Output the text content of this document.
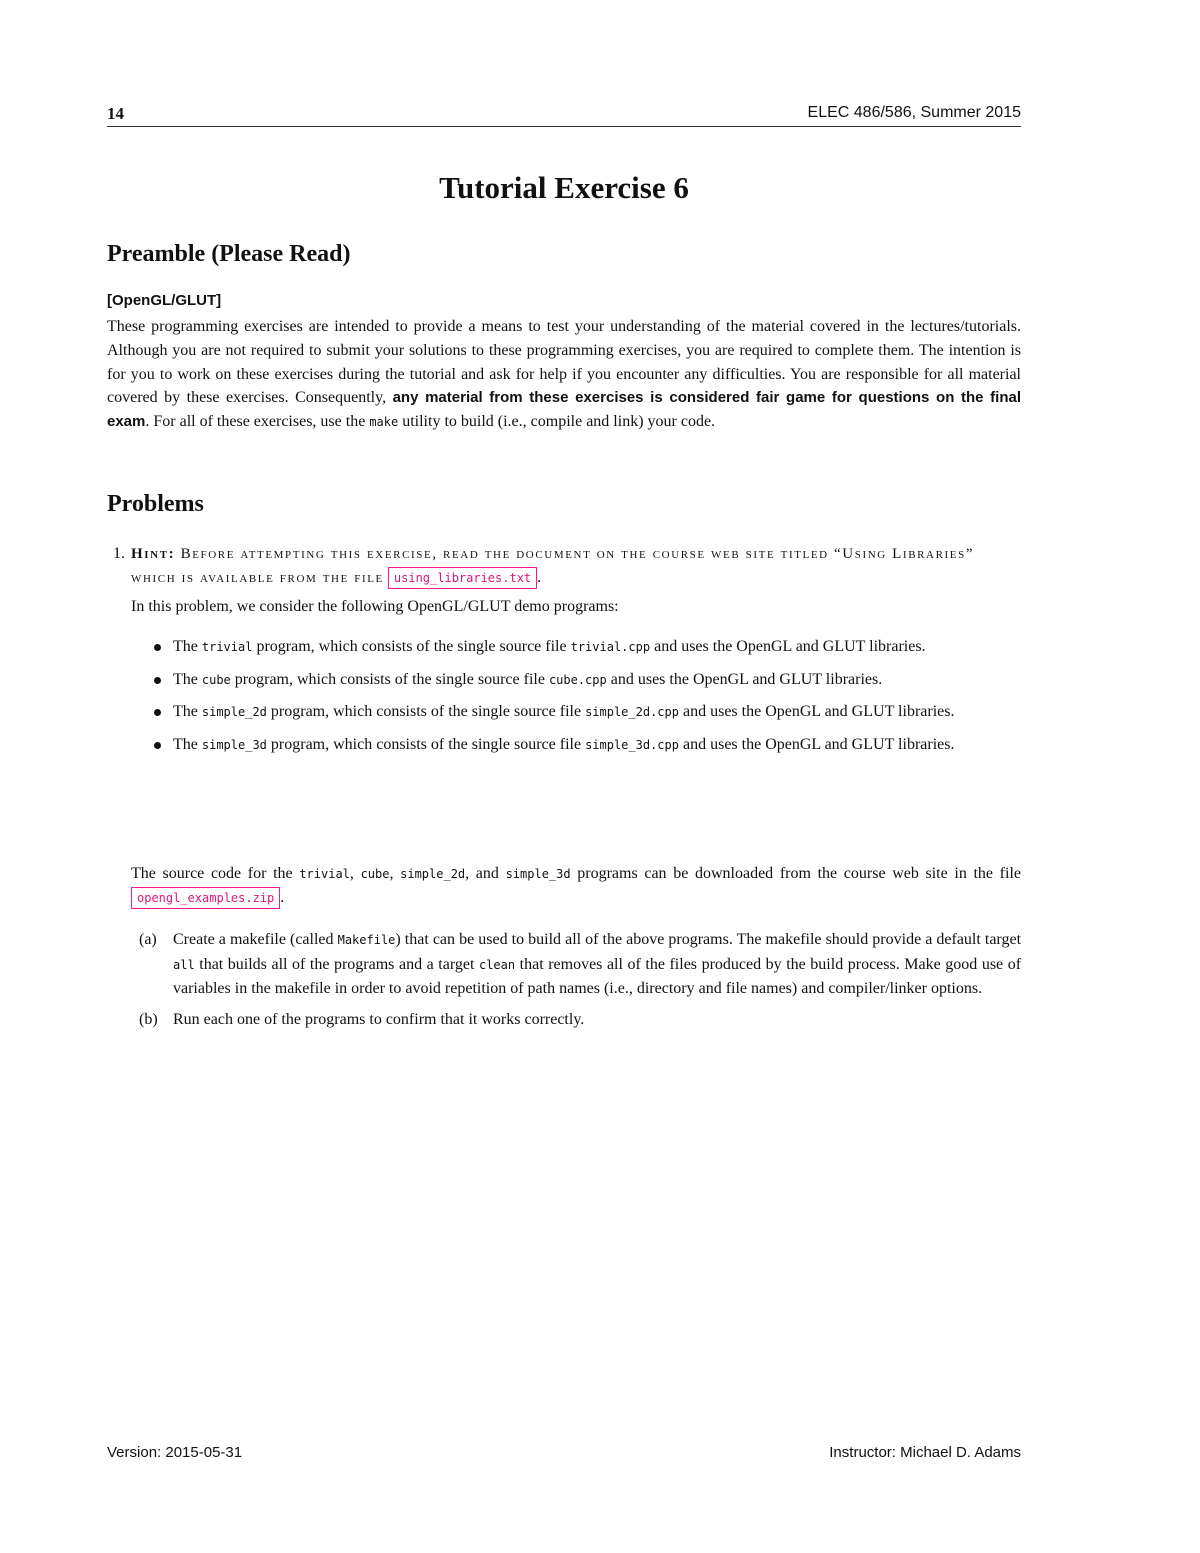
14	ELEC 486/586, Summer 2015
Tutorial Exercise 6
Preamble (Please Read)
[OpenGL/GLUT]
These programming exercises are intended to provide a means to test your understanding of the material covered in the lectures/tutorials. Although you are not required to submit your solutions to these programming exercises, you are required to complete them. The intention is for you to work on these exercises during the tutorial and ask for help if you encounter any difficulties. You are responsible for all material covered by these exercises. Consequently, any material from these exercises is considered fair game for questions on the final exam. For all of these exercises, use the make utility to build (i.e., compile and link) your code.
Problems
1. Hint: Before attempting this exercise, read the document on the course web site titled “Using Libraries” which is available from the file using_libraries.txt .
In this problem, we consider the following OpenGL/GLUT demo programs:
The trivial program, which consists of the single source file trivial.cpp and uses the OpenGL and GLUT libraries.
The cube program, which consists of the single source file cube.cpp and uses the OpenGL and GLUT libraries.
The simple_2d program, which consists of the single source file simple_2d.cpp and uses the OpenGL and GLUT libraries.
The simple_3d program, which consists of the single source file simple_3d.cpp and uses the OpenGL and GLUT libraries.
The source code for the trivial, cube, simple_2d, and simple_3d programs can be downloaded from the course web site in the file opengl_examples.zip .
(a) Create a makefile (called Makefile) that can be used to build all of the above programs. The makefile should provide a default target all that builds all of the programs and a target clean that removes all of the files produced by the build process. Make good use of variables in the makefile in order to avoid repetition of path names (i.e., directory and file names) and compiler/linker options.
(b) Run each one of the programs to confirm that it works correctly.
Version: 2015-05-31	Instructor: Michael D. Adams
